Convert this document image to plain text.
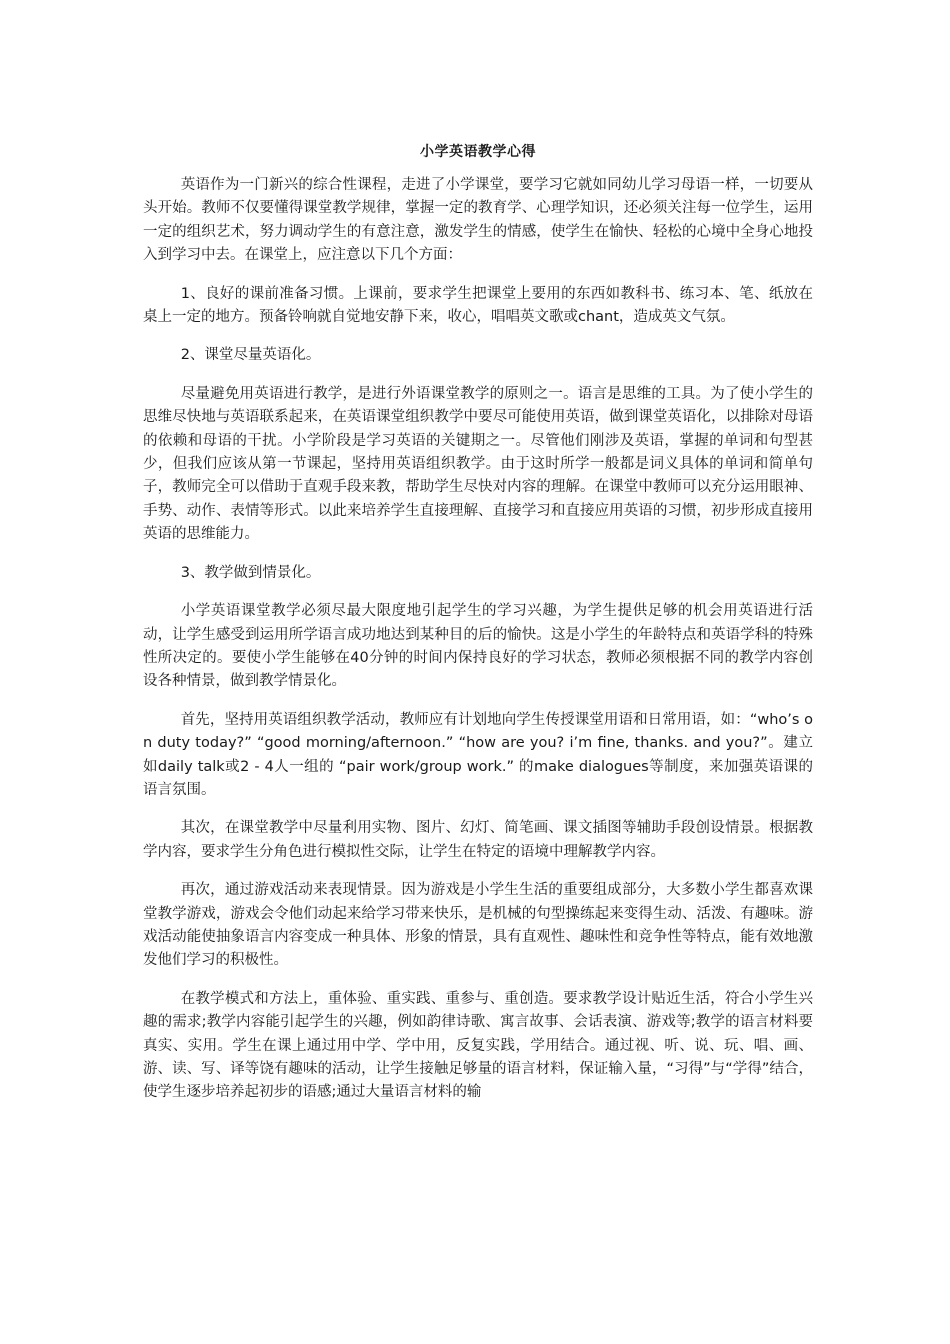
小学英语教学心得

英语作为一门新兴的综合性课程，走进了小学课堂，要学习它就如同幼儿学习母语一样，一切要从头开始。教师不仅要懂得课堂教学规律，掌握一定的教育学、心理学知识，还必须关注每一位学生，运用一定的组织艺术，努力调动学生的有意注意，激发学生的情感，使学生在愉快、轻松的心境中全身心地投入到学习中去。在课堂上，应注意以下几个方面：

1、良好的课前准备习惯。上课前，要求学生把课堂上要用的东西如教科书、练习本、笔、纸放在桌上一定的地方。预备铃响就自觉地安静下来，收心，唱唱英文歌或chant，造成英文气氛。

2、课堂尽量英语化。

尽量避免用英语进行教学，是进行外语课堂教学的原则之一。语言是思维的工具。为了使小学生的思维尽快地与英语联系起来，在英语课堂组织教学中要尽可能使用英语，做到课堂英语化，以排除对母语的依赖和母语的干扰。小学阶段是学习英语的关键期之一。尽管他们刚涉及英语，掌握的单词和句型甚少，但我们应该从第一节课起，坚持用英语组织教学。由于这时所学一般都是词义具体的单词和简单句子，教师完全可以借助于直观手段来教，帮助学生尽快对内容的理解。在课堂中教师可以充分运用眼神、手势、动作、表情等形式。以此来培养学生直接理解、直接学习和直接应用英语的习惯，初步形成直接用英语的思维能力。

3、教学做到情景化。

小学英语课堂教学必须尽最大限度地引起学生的学习兴趣，为学生提供足够的机会用英语进行活动，让学生感受到运用所学语言成功地达到某种目的后的愉快。这是小学生的年龄特点和英语学科的特殊性所决定的。要使小学生能够在40分钟的时间内保持良好的学习状态，教师必须根据不同的教学内容创设各种情景，做到教学情景化。

首先，坚持用英语组织教学活动，教师应有计划地向学生传授课堂用语和日常用语，如：“who’s on duty today?” “good morning/afternoon.” “how are you? i’m fine, thanks. and you?”。建立如daily talk或2 - 4人一组的 “pair work/group work.” 的make dialogues等制度，来加强英语课的语言氛围。

其次，在课堂教学中尽量利用实物、图片、幻灯、简笔画、课文插图等辅助手段创设情景。根据教学内容，要求学生分角色进行模拟性交际，让学生在特定的语境中理解教学内容。

再次，通过游戏活动来表现情景。因为游戏是小学生生活的重要组成部分，大多数小学生都喜欢课堂教学游戏，游戏会令他们动起来给学习带来快乐，是机械的句型操练起来变得生动、活泼、有趣味。游戏活动能使抽象语言内容变成一种具体、形象的情景，具有直观性、趣味性和竞争性等特点，能有效地激发他们学习的积极性。

在教学模式和方法上，重体验、重实践、重参与、重创造。要求教学设计贴近生活，符合小学生兴趣的需求;教学内容能引起学生的兴趣，例如韵律诗歌、寓言故事、会话表演、游戏等;教学的语言材料要真实、实用。学生在课上通过用中学、学中用，反复实践，学用结合。通过视、听、说、玩、唱、画、游、读、写、译等饶有趣味的活动，让学生接触足够量的语言材料，保证输入量，“习得”与“学得”结合，使学生逐步培养起初步的语感;通过大量语言材料的输
